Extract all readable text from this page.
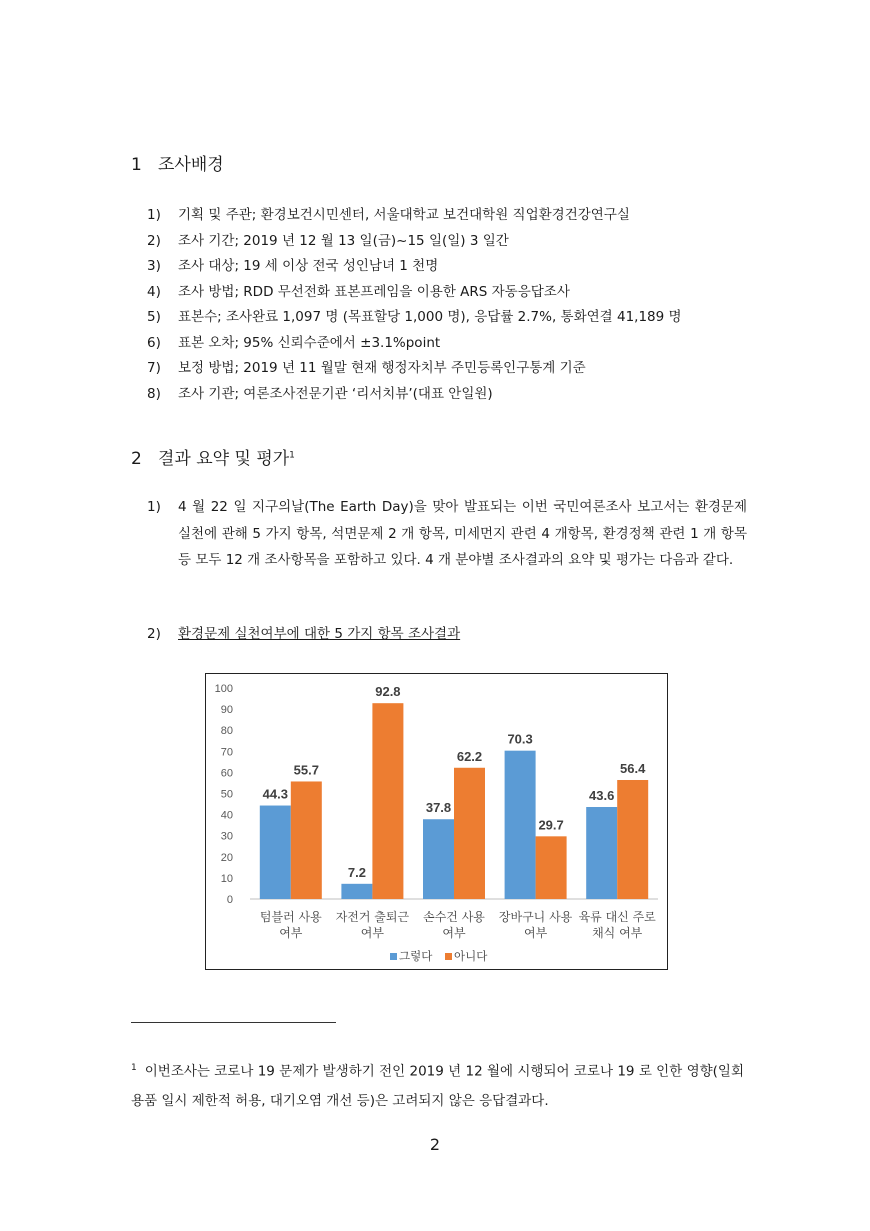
1 조사배경
1) 기획 및 주관; 환경보건시민센터, 서울대학교 보건대학원 직업환경건강연구실
2) 조사 기간; 2019 년 12 월 13 일(금)~15 일(일) 3 일간
3) 조사 대상; 19 세 이상 전국 성인남녀 1 천명
4) 조사 방법; RDD 무선전화 표본프레임을 이용한 ARS 자동응답조사
5) 표본수; 조사완료 1,097 명 (목표할당 1,000 명), 응답률 2.7%, 통화연결 41,189 명
6) 표본 오차; 95% 신뢰수준에서 ±3.1%point
7) 보정 방법; 2019 년 11 월말 현재 행정자치부 주민등록인구통계 기준
8) 조사 기관; 여론조사전문기관 ‘리서치뷰’(대표 안일원)
2 결과 요약 및 평가$^1$
1) 4 월 22 일 지구의날(The Earth Day)을 맞아 발표되는 이번 국민여론조사 보고서는 환경문제 실천에 관해 5 가지 항목, 석면문제 2 개 항목, 미세먼지 관련 4 개항목, 환경정책 관련 1 개 항목 등 모두 12 개 조사항목을 포함하고 있다. 4 개 분야별 조사결과의 요약 및 평가는 다음과 같다.
2) 환경문제 실천여부에 대한 5 가지 항목 조사결과
0
10
20
30
40
50
60
70
80
90
100
44.3
7.2
37.8
70.3
43.6
55.7
92.8
62.2
29.7
56.4
텀블러 사용
여부
자전거 출퇴근
여부
손수건 사용
여부
장바구니 사용
여부
육류 대신 주로
채식 여부
그렇다 아니다
$^1$ 이번조사는 코로나 19 문제가 발생하기 전인 2019 년 12 월에 시행되어 코로나 19 로 인한 영향(일회용품 일시 제한적 허용, 대기오염 개선 등)은 고려되지 않은 응답결과다.
2
